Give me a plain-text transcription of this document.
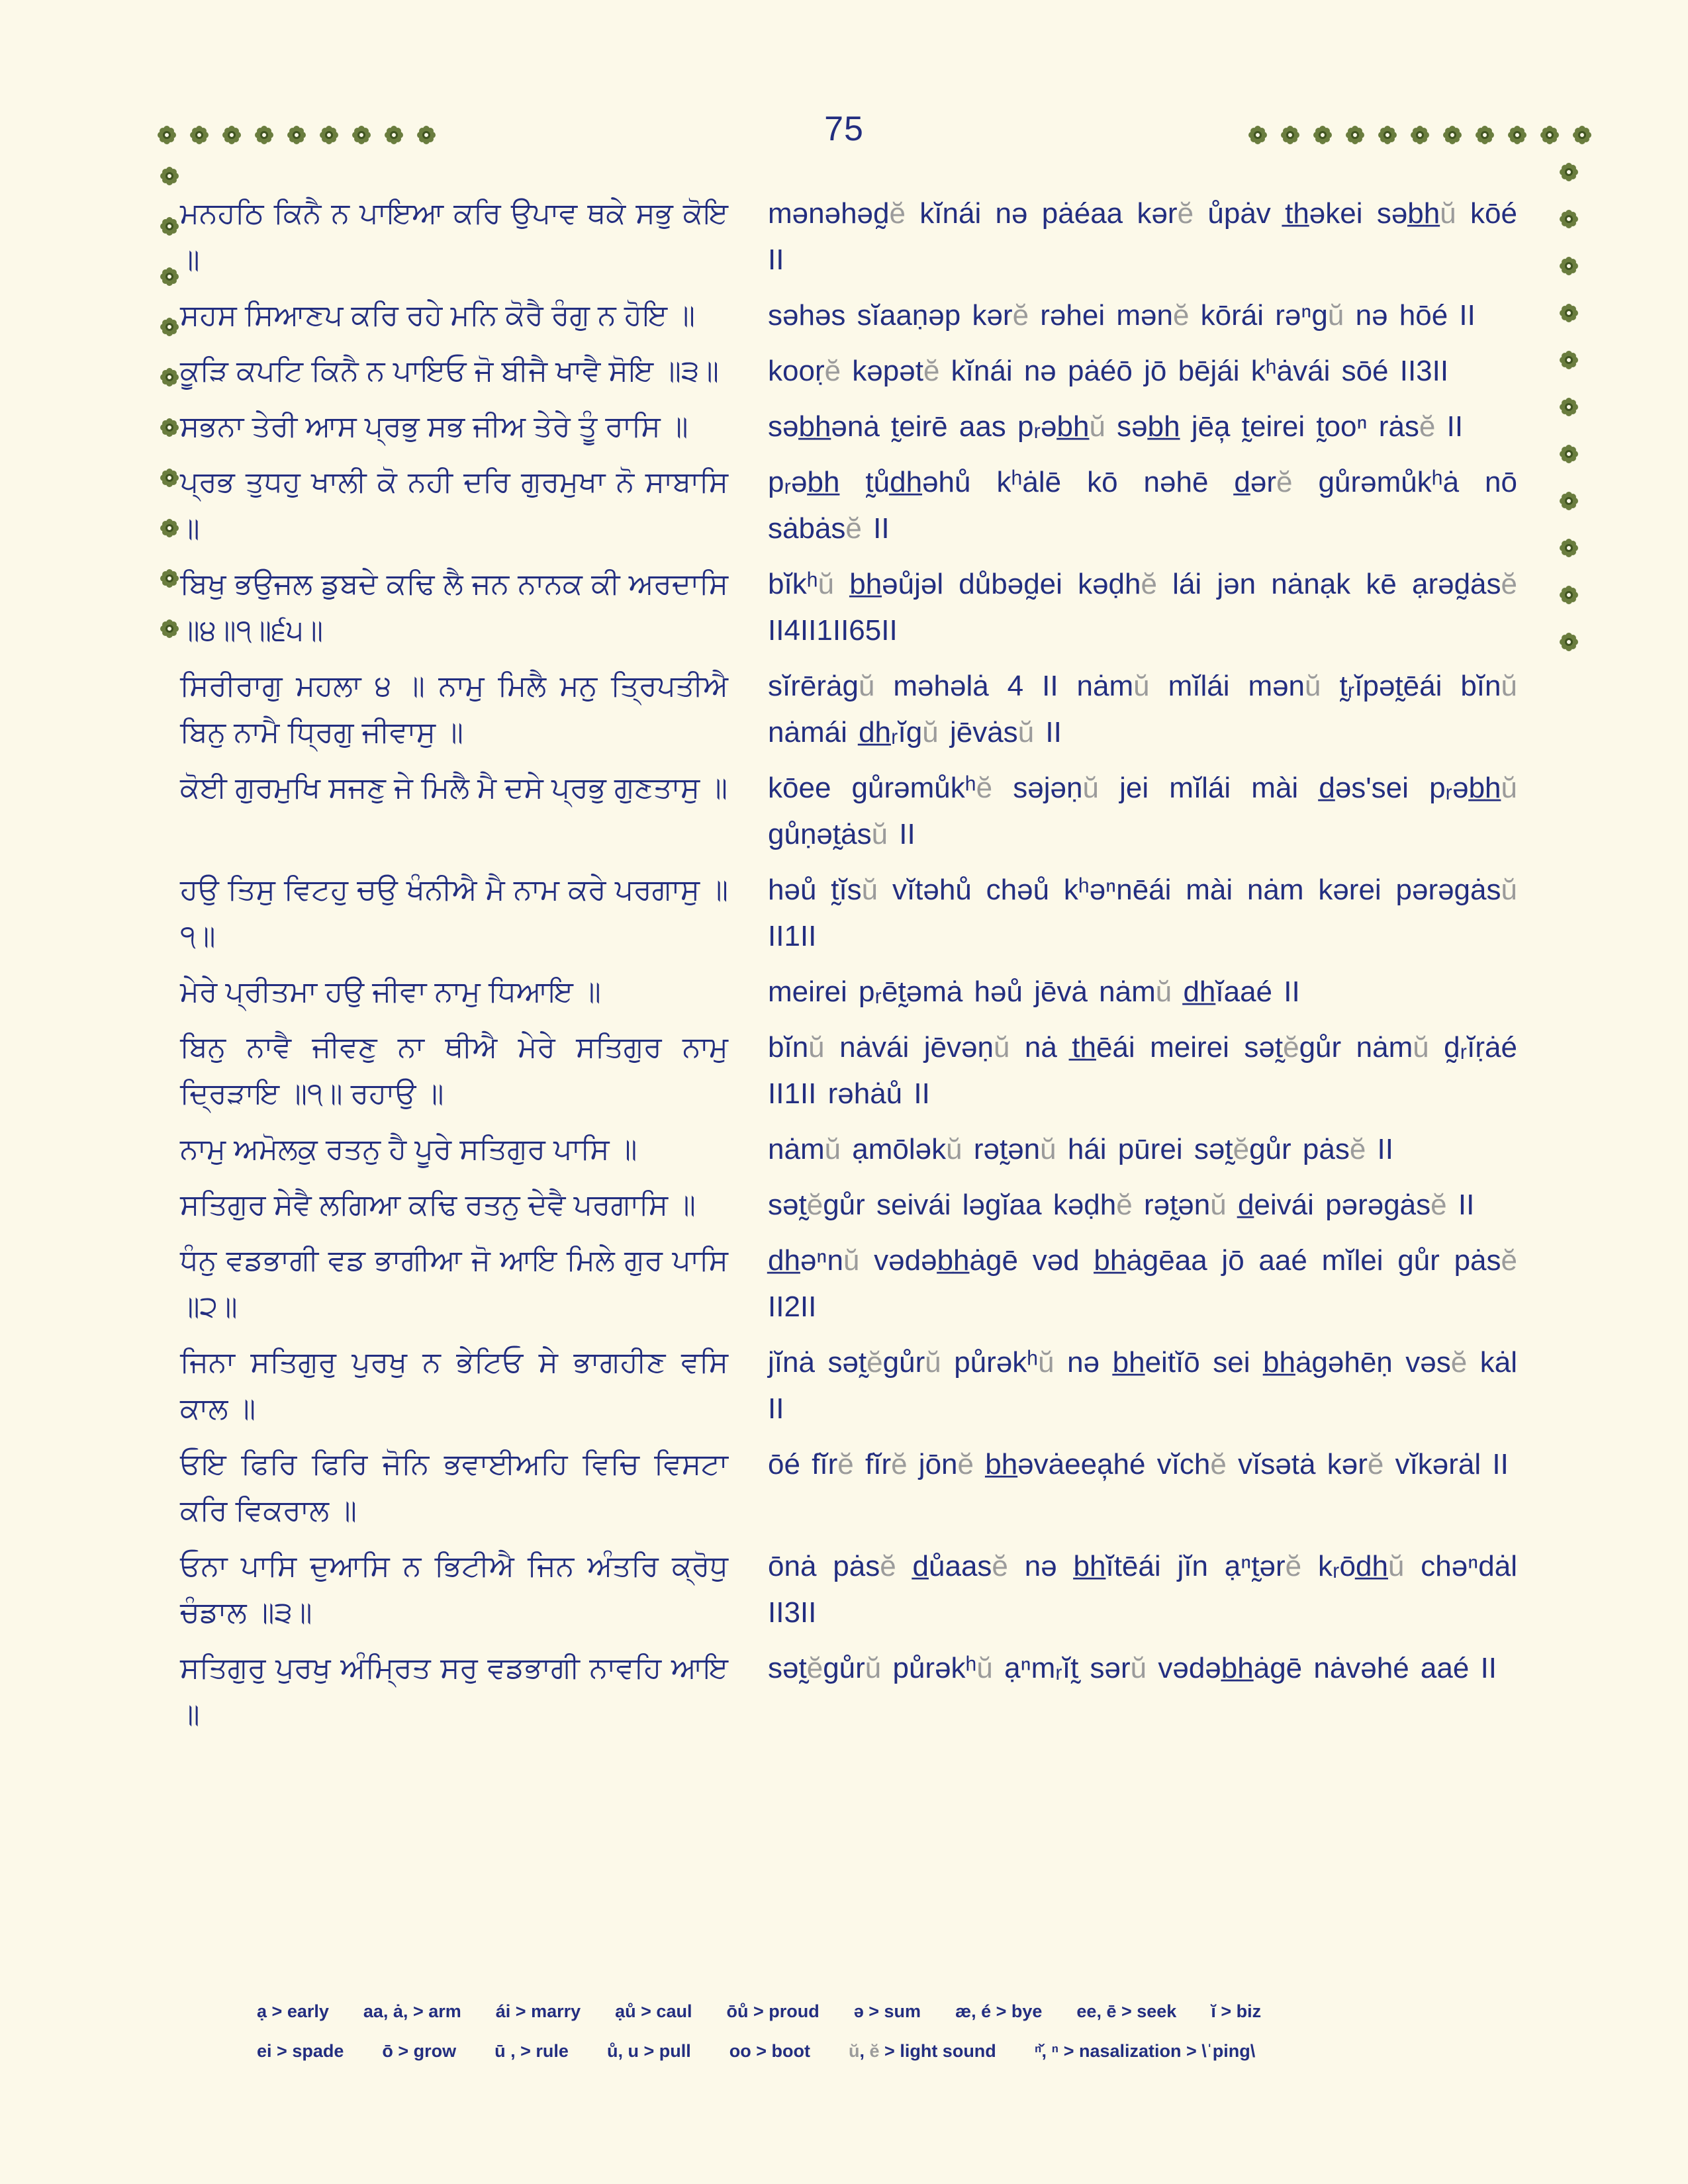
75

ਮਨਹਠਿ ਕਿਨੈ ਨ ਪਾਇਆ ਕਰਿ ਉਪਾਵ ਥਕੇ ਸਭੁ ਕੋਇ ॥

mənəhəd̰ĕ kĭnái nə pȧéaa kərĕ ůpȧv t̲h̲əkei səb̲h̲ŭ kōé II

ਸਹਸ ਸਿਆਣਪ ਕਰਿ ਰਹੇ ਮਨਿ ਕੋਰੈ ਰੰਗੁ ਨ ਹੋਇ ॥	səhəs sĭaaṇəp kərĕ rəhei mənĕ kōrái rəⁿgŭ nə hōé II

ਕੂੜਿ ਕਪਟਿ ਕਿਨੈ ਨ ਪਾਇਓ ਜੋ ਬੀਜੈ ਖਾਵੈ ਸੋਇ ॥੩॥	kooṛĕ kəpətĕ kĭnái nə pȧéō jō bējái kʰȧvái sōé II3II

ਸਭਨਾ ਤੇਰੀ ਆਸ ਪ੍ਰਭੁ ਸਭ ਜੀਅ ਤੇਰੇ ਤੂੰ ਰਾਸਿ ॥	səb̲h̲ənȧ t̰eirē aas pᵣəb̲h̲ŭ səb̲h̲ jēa̦ t̰eirei t̰ooⁿ rȧsĕ II

ਪ੍ਰਭ ਤੁਧਹੁ ਖਾਲੀ ਕੋ ਨਹੀ ਦਰਿ ਗੁਰਮੁਖਾ ਨੋ ਸਾਬਾਸਿ ॥

pᵣəb̲h̲ t̰ůd̲h̲əhů kʰȧlē kō nəhē d̲ərĕ gůrəmůkʰȧ nō sȧbȧsĕ II

ਬਿਖੁ ਭਉਜਲ ਡੁਬਦੇ ਕਢਿ ਲੈ ਜਨ ਨਾਨਕ ਕੀ ਅਰਦਾਸਿ ॥੪॥੧॥੬੫॥

bĭkʰŭ b̲h̲əůjəl důbəd̰ei kəḍhĕ lái jən nȧnạk kē ạrəd̰ȧsĕ II4II1II65II

ਸਿਰੀਰਾਗੁ ਮਹਲਾ ੪ ॥ ਨਾਮੁ ਮਿਲੈ ਮਨੁ ਤ੍ਰਿਪਤੀਐ ਬਿਨੁ ਨਾਮੈ ਧ੍ਰਿਗੁ ਜੀਵਾਸੁ ॥

sĭrērȧgŭ məhəlȧ 4 II nȧmŭ mĭlái mənŭ t̰ᵣĭpət̰ēái bĭnŭ nȧmái d̲h̲ᵣĭgŭ jēvȧsŭ II

ਕੋਈ ਗੁਰਮੁਖਿ ਸਜਣੁ ਜੇ ਮਿਲੈ ਮੈ ਦਸੇ ਪ੍ਰਭੁ ਗੁਣਤਾਸੁ ॥ kōee gůrəmůkʰĕ səjəṇŭ jei mĭlái mài d̲əs'sei pᵣəb̲h̲ŭ gůṇət̰ȧsŭ II

ਹਉ ਤਿਸੁ ਵਿਟਹੁ ਚਉ ਖੰਨੀਐ ਮੈ ਨਾਮ ਕਰੇ ਪਰਗਾਸੁ ॥੧॥

həů t̰ĭsŭ vĭtəhů chəů kʰəⁿnēái mài nȧm kərei pərəgȧsŭ II1II

ਮੇਰੇ ਪ੍ਰੀਤਮਾ ਹਉ ਜੀਵਾ ਨਾਮੁ ਧਿਆਇ ॥	meirei pᵣēt̰əmȧ həů jēvȧ nȧmŭ d̲h̲ĭaaé II

ਬਿਨੁ ਨਾਵੈ ਜੀਵਣੁ ਨਾ ਥੀਐ ਮੇਰੇ ਸਤਿਗੁਰ ਨਾਮੁ ਦ੍ਰਿੜਾਇ ॥੧॥ ਰਹਾਉ ॥

bĭnŭ nȧvái jēvəṇŭ nȧ t̲h̲ēái meirei sət̰ĕgůr nȧmŭ d̰ᵣĭṛȧé II1II rəhȧů II

ਨਾਮੁ ਅਮੋਲਕੁ ਰਤਨੁ ਹੈ ਪੂਰੇ ਸਤਿਗੁਰ ਪਾਸਿ ॥	nȧmŭ ạmōləkŭ rət̰ənŭ hái pūrei sət̰ĕgůr pȧsĕ II

ਸਤਿਗੁਰ ਸੇਵੈ ਲਗਿਆ ਕਢਿ ਰਤਨੁ ਦੇਵੈ ਪਰਗਾਸਿ ॥	sət̰ĕgůr seivái ləgĭaa kəḍhĕ rət̰ənŭ d̲eivái pərəgȧsĕ II

ਧੰਨੁ ਵਡਭਾਗੀ ਵਡ ਭਾਗੀਆ ਜੋ ਆਇ ਮਿਲੇ ਗੁਰ ਪਾਸਿ ॥੨॥

d̲h̲əⁿnŭ vədəb̲h̲ȧgē vəd b̲h̲ȧgēaa jō aaé mĭlei gůr pȧsĕ II2II

ਜਿਨਾ ਸਤਿਗੁਰੁ ਪੁਰਖੁ ਨ ਭੇਟਿਓ ਸੇ ਭਾਗਹੀਣ ਵਸਿ ਕਾਲ ॥

jĭnȧ sət̰ĕgůrŭ půrəkʰŭ nə b̲h̲eitĭō sei b̲h̲ȧgəhēṇ vəsĕ kȧl II

ਓਇ ਫਿਰਿ ਫਿਰਿ ਜੋਨਿ ਭਵਾਈਅਹਿ ਵਿਚਿ ਵਿਸਟਾ ਕਰਿ ਵਿਕਰਾਲ ॥

ōé fĭrĕ fĭrĕ jōnĕ b̲h̲əvȧeea̦hé vĭchĕ vĭsətȧ kərĕ vĭkərȧl II

ਓਨਾ ਪਾਸਿ ਦੁਆਸਿ ਨ ਭਿਟੀਐ ਜਿਨ ਅੰਤਰਿ ਕ੍ਰੋਧੁ ਚੰਡਾਲ ॥੩॥

ōnȧ pȧsĕ d̲ůaasĕ nə b̲h̲ĭtēái jĭn ạⁿt̰ərĕ kᵣōd̲h̲ŭ chəⁿdȧl II3II

ਸਤਿਗੁਰੁ ਪੁਰਖੁ ਅੰਮ੍ਰਿਤ ਸਰੁ ਵਡਭਾਗੀ ਨਾਵਹਿ ਆਇ ॥

sət̰ĕgůrŭ půrəkʰŭ ạⁿmᵣĭt̰ sərŭ vədəb̲h̲ȧgē nȧvəhé aaé II

ạ > early aa, ȧ, > arm ái > marry ạů > caul ōů > proud ə > sum æ, é > bye ee, ē > seek ĭ > biz
ei > spade ō > grow ū , > rule ů, u > pull oo > boot ŭ, ĕ > light sound ⁿ̌, ⁿ > nasalization > \ˈping\
